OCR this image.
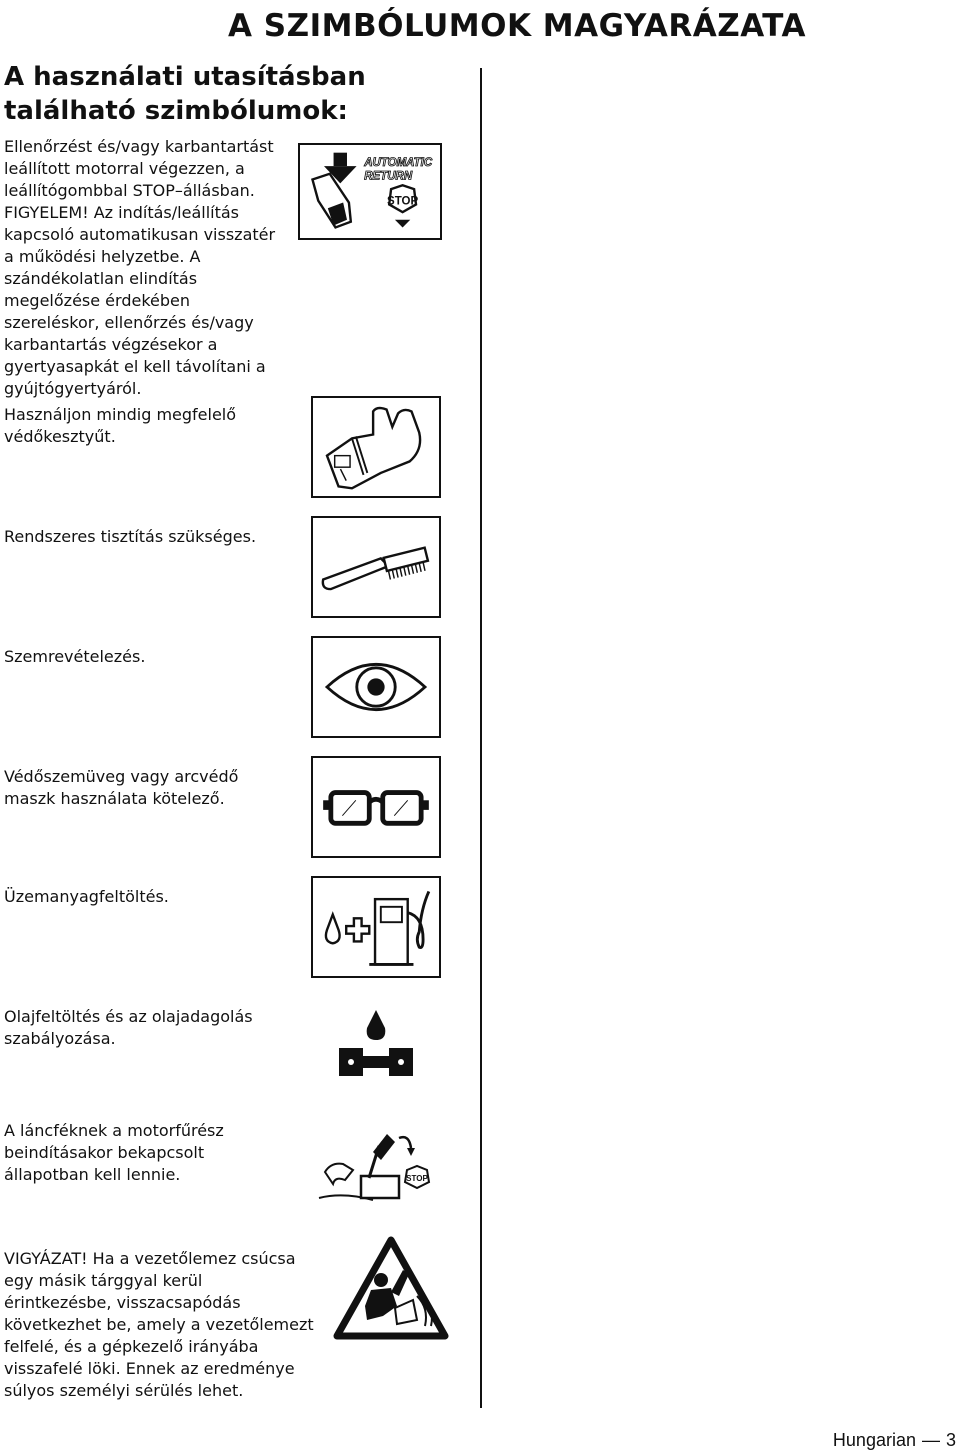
A SZIMBÓLUMOK MAGYARÁZATA
A használati utasításban található szimbólumok:

Ellenőrzést és/vagy karbantartást leállított motorral végezzen, a leállítógombbal STOP–állásban. FIGYELEM! Az indítás/leállítás kapcsoló automatikusan visszatér a működési helyzetbe. A szándékolatlan elindítás megelőzése érdekében szereléskor, ellenőrzés és/vagy karbantartás végzésekor a gyertyasapkát el kell távolítani a gyújtógyertyáról.

AUTOMATIC
RETURN
STOP

Használjon mindig megfelelő védőkesztyűt.

Rendszeres tisztítás szükséges.

Szemrevételezés.

Védőszemüveg vagy arcvédő maszk használata kötelező.

Üzemanyagfeltöltés.

Olajfeltöltés és az olajadagolás szabályozása.

A láncféknek a motorfűrész beindításakor bekapcsolt állapotban kell lennie.	STOP

VIGYÁZAT! Ha a vezetőlemez csúcsa egy másik tárggyal kerül érintkezésbe, visszacsapódás következhet be, amely a vezetőlemezt felfelé, és a gépkezelő irányába visszafelé löki. Ennek az eredménye súlyos személyi sérülés lehet.

Hungarian — 3
